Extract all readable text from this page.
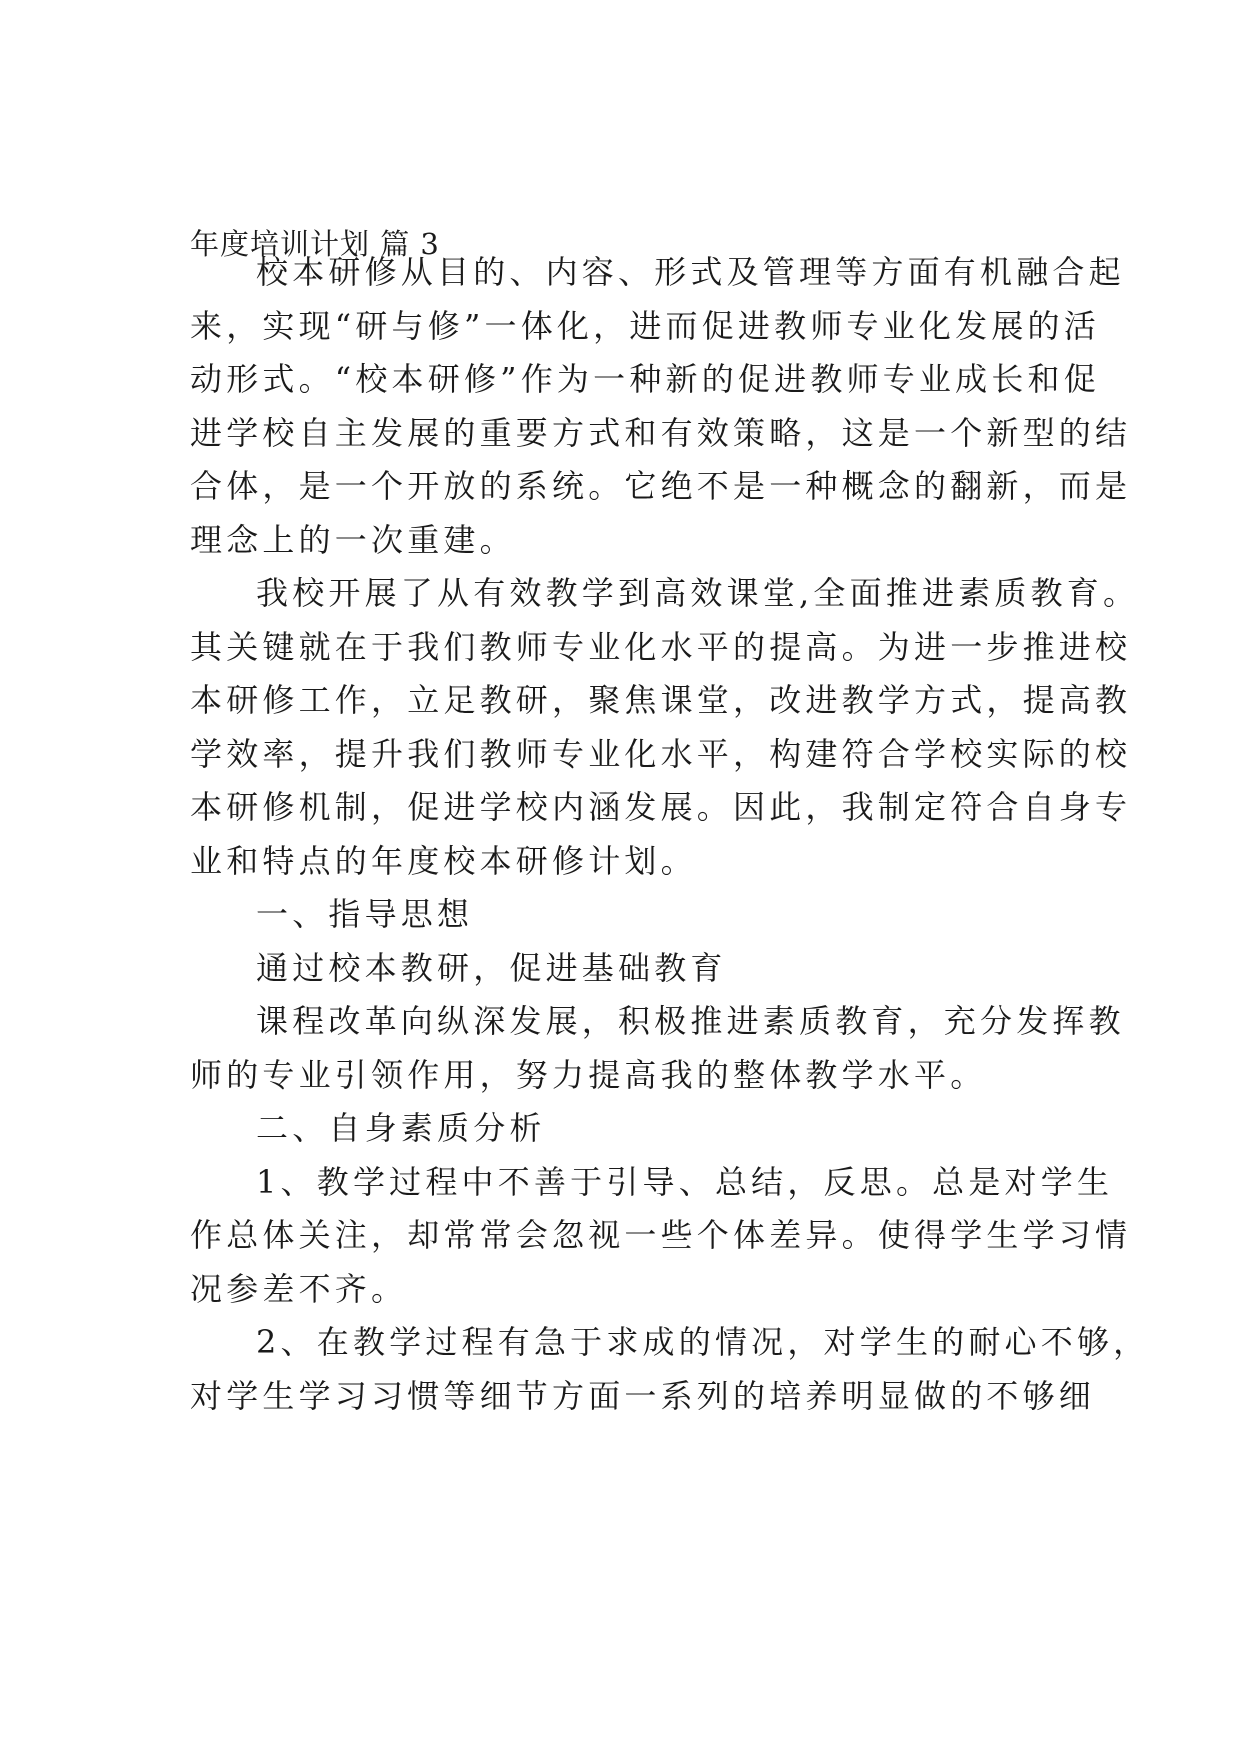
年度培训计划 篇 3
校本研修从目的、内容、形式及管理等方面有机融合起
来，实现“研与修”一体化，进而促进教师专业化发展的活
动形式。“校本研修”作为一种新的促进教师专业成长和促
进学校自主发展的重要方式和有效策略，这是一个新型的结
合体，是一个开放的系统。它绝不是一种概念的翻新，而是
理念上的一次重建。
我校开展了从有效教学到高效课堂,全面推进素质教育。
其关键就在于我们教师专业化水平的提高。为进一步推进校
本研修工作，立足教研，聚焦课堂，改进教学方式，提高教
学效率，提升我们教师专业化水平，构建符合学校实际的校
本研修机制，促进学校内涵发展。因此，我制定符合自身专
业和特点的年度校本研修计划。
一、指导思想
通过校本教研，促进基础教育
课程改革向纵深发展，积极推进素质教育，充分发挥教
师的专业引领作用，努力提高我的整体教学水平。
二、自身素质分析
1、教学过程中不善于引导、总结，反思。总是对学生
作总体关注，却常常会忽视一些个体差异。使得学生学习情
况参差不齐。
2、在教学过程有急于求成的情况，对学生的耐心不够，
对学生学习习惯等细节方面一系列的培养明显做的不够细
